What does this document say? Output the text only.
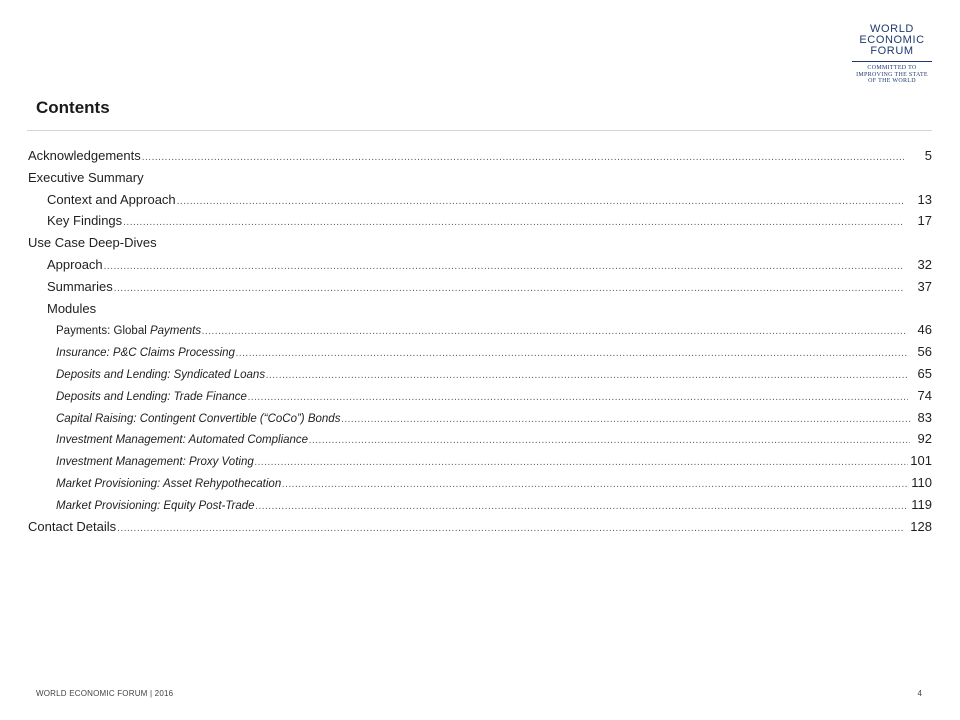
WORLD
ECONOMIC
FORUM
COMMITTED TO
IMPROVING THE STATE
OF THE WORLD
Contents
Acknowledgements .....	5
Executive Summary
Context and Approach .....	13
Key Findings .....	17
Use Case Deep-Dives
Approach .....	32
Summaries .....	37
Modules
Payments: Global Payments .....	46
Insurance: P&C Claims Processing .....	56
Deposits and Lending: Syndicated Loans .....	65
Deposits and Lending: Trade Finance .....	74
Capital Raising: Contingent Convertible (“CoCo”) Bonds .....	83
Investment Management: Automated Compliance .....	92
Investment Management: Proxy Voting .....	101
Market Provisioning: Asset Rehypothecation .....	110
Market Provisioning: Equity Post-Trade .....	119
Contact Details .....	128
WORLD ECONOMIC FORUM | 2016	4
